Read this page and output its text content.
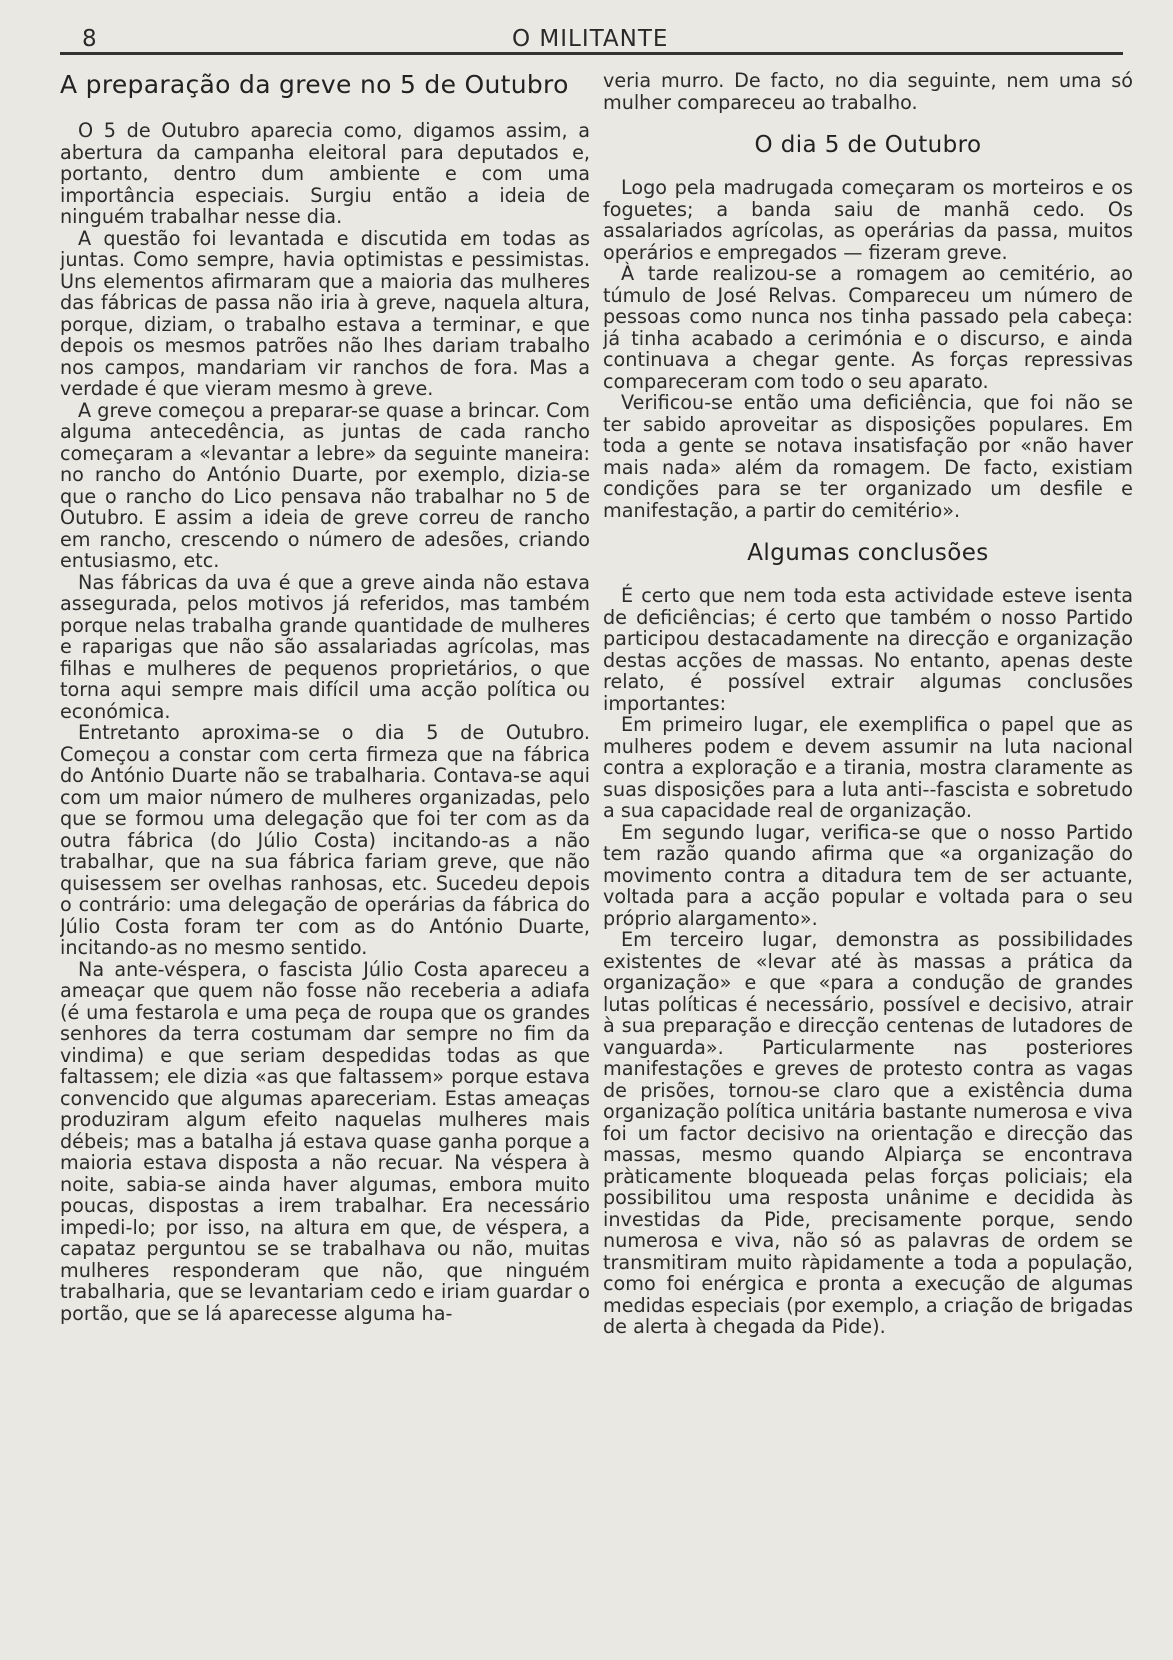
8	O MILITANTE
A preparação da greve no 5 de Outubro

O 5 de Outubro aparecia como, digamos assim, a abertura da campanha eleitoral para deputados e, portanto, dentro dum ambiente e com uma importância especiais. Surgiu então a ideia de ninguém trabalhar nesse dia.

A questão foi levantada e discutida em todas as juntas. Como sempre, havia optimistas e pessimistas. Uns elementos afirmaram que a maioria das mulheres das fábricas de passa não iria à greve, naquela altura, porque, diziam, o trabalho estava a terminar, e que depois os mesmos patrões não lhes dariam trabalho nos campos, mandariam vir ranchos de fora. Mas a verdade é que vieram mesmo à greve.

A greve começou a preparar-se quase a brincar. Com alguma antecedência, as juntas de cada rancho começaram a «levantar a lebre» da seguinte maneira: no rancho do António Duarte, por exemplo, dizia-se que o rancho do Lico pensava não trabalhar no 5 de Outubro. E assim a ideia de greve correu de rancho em rancho, crescendo o número de adesões, criando entusiasmo, etc.

Nas fábricas da uva é que a greve ainda não estava assegurada, pelos motivos já referidos, mas também porque nelas trabalha grande quantidade de mulheres e raparigas que não são assalariadas agrícolas, mas filhas e mulheres de pequenos proprietários, o que torna aqui sempre mais difícil uma acção política ou económica.

Entretanto aproxima-se o dia 5 de Outubro. Começou a constar com certa firmeza que na fábrica do António Duarte não se trabalharia. Contava-se aqui com um maior número de mulheres organizadas, pelo que se formou uma delegação que foi ter com as da outra fábrica (do Júlio Costa) incitando-as a não trabalhar, que na sua fábrica fariam greve, que não quisessem ser ovelhas ranhosas, etc. Sucedeu depois o contrário: uma delegação de operárias da fábrica do Júlio Costa foram ter com as do António Duarte, incitando-as no mesmo sentido.

Na ante-véspera, o fascista Júlio Costa apareceu a ameaçar que quem não fosse não receberia a adiafa (é uma festarola e uma peça de roupa que os grandes senhores da terra costumam dar sempre no fim da vindima) e que seriam despedidas todas as que faltassem; ele dizia «as que faltassem» porque estava convencido que algumas apareceriam. Estas ameaças produziram algum efeito naquelas mulheres mais débeis; mas a batalha já estava quase ganha porque a maioria estava disposta a não recuar. Na véspera à noite, sabia-se ainda haver algumas, embora muito poucas, dispostas a irem trabalhar. Era necessário impedi-lo; por isso, na altura em que, de véspera, a capataz perguntou se se trabalhava ou não, muitas mulheres responderam que não, que ninguém trabalharia, que se levantariam cedo e iriam guardar o portão, que se lá aparecesse alguma ha-

veria murro. De facto, no dia seguinte, nem uma só mulher compareceu ao trabalho.

O dia 5 de Outubro

Logo pela madrugada começaram os morteiros e os foguetes; a banda saiu de manhã cedo. Os assalariados agrícolas, as operárias da passa, muitos operários e empregados — fizeram greve.

À tarde realizou-se a romagem ao cemitério, ao túmulo de José Relvas. Compareceu um número de pessoas como nunca nos tinha passado pela cabeça: já tinha acabado a cerimónia e o discurso, e ainda continuava a chegar gente. As forças repressivas compareceram com todo o seu aparato.

Verificou-se então uma deficiência, que foi não se ter sabido aproveitar as disposições populares. Em toda a gente se notava insatisfação por «não haver mais nada» além da romagem. De facto, existiam condições para se ter organizado um desfile e manifestação, a partir do cemitério».

Algumas conclusões

É certo que nem toda esta actividade esteve isenta de deficiências; é certo que também o nosso Partido participou destacadamente na direcção e organização destas acções de massas. No entanto, apenas deste relato, é possível extrair algumas conclusões importantes:

Em primeiro lugar, ele exemplifica o papel que as mulheres podem e devem assumir na luta nacional contra a exploração e a tirania, mostra claramente as suas disposições para a luta anti--fascista e sobretudo a sua capacidade real de organização.

Em segundo lugar, verifica-se que o nosso Partido tem razão quando afirma que «a organização do movimento contra a ditadura tem de ser actuante, voltada para a acção popular e voltada para o seu próprio alargamento».

Em terceiro lugar, demonstra as possibilidades existentes de «levar até às massas a prática da organização» e que «para a condução de grandes lutas políticas é necessário, possível e decisivo, atrair à sua preparação e direcção centenas de lutadores de vanguarda». Particularmente nas posteriores manifestações e greves de protesto contra as vagas de prisões, tornou-se claro que a existência duma organização política unitária bastante numerosa e viva foi um factor decisivo na orientação e direcção das massas, mesmo quando Alpiarça se encontrava pràticamente bloqueada pelas forças policiais; ela possibilitou uma resposta unânime e decidida às investidas da Pide, precisamente porque, sendo numerosa e viva, não só as palavras de ordem se transmitiram muito ràpidamente a toda a população, como foi enérgica e pronta a execução de algumas medidas especiais (por exemplo, a criação de brigadas de alerta à chegada da Pide).
